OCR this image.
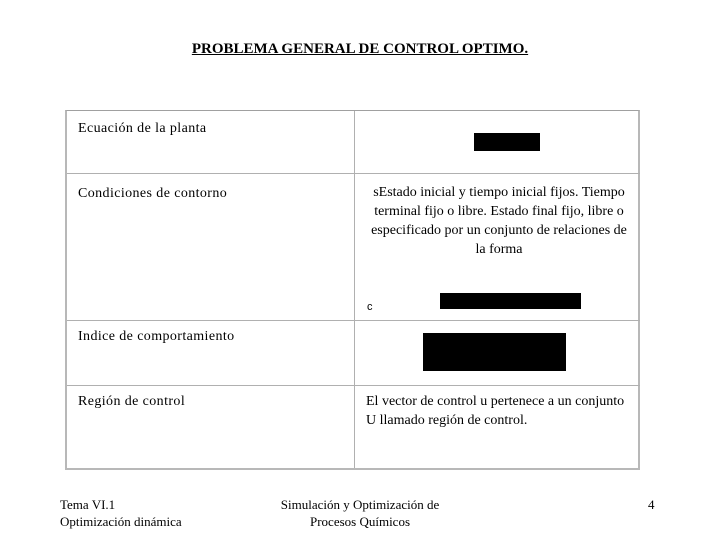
PROBLEMA GENERAL DE CONTROL OPTIMO.
Ecuación de la planta
Condiciones de contorno	sEstado inicial y tiempo inicial fijos. Tiempo terminal fijo o libre. Estado final fijo, libre o especificado por un conjunto de relaciones de la forma
c
Indice de comportamiento
Región de control	El vector de control u pertenece a un conjunto U llamado región de control.
Tema VI.1
Optimización dinámica
Simulación y Optimización de
Procesos Químicos
4
